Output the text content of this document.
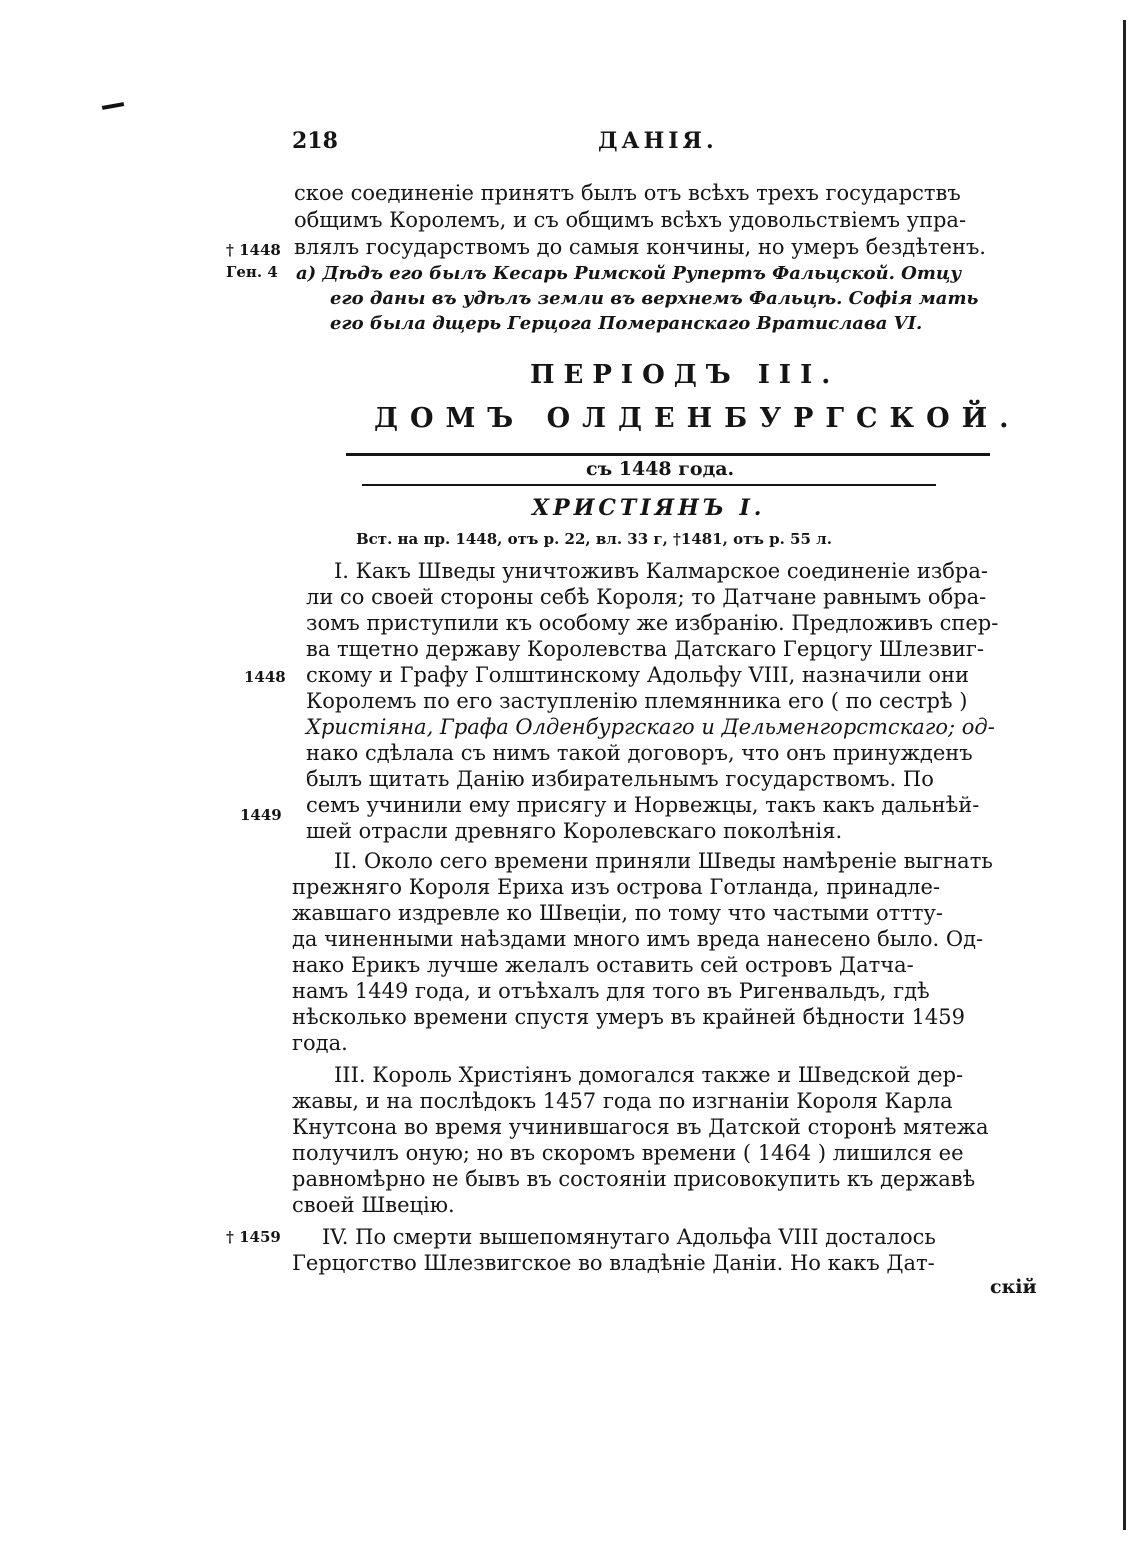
218	ДАНІЯ.
ское соединеніе принятъ былъ отъ всѣхъ трехъ государствъ
общимъ Королемъ, и съ общимъ всѣхъ удовольствіемъ упра-
влялъ государствомъ до самыя кончины, но умеръ бездѣтенъ.
† 1448
Ген. 4 а) Дѣдъ его былъ Кесарь Римской Рупертъ Фальцской. Отцу
его даны въ удѣлъ земли въ верхнемъ Фальцѣ. Софія мать
его была дщерь Герцога Померанскаго Вратислава VI.
ПЕРІОДЪ III.
ДОМЪ ОЛДЕНБУРГСКОЙ.
съ 1448 года.
ХРИСТІЯНЪ I.
Вст. на пр. 1448, отъ р. 22, вл. 33 г, †1481, отъ р. 55 л.
I. Какъ Шведы уничтоживъ Калмарское соединеніе избра-
ли со своей стороны себѣ Короля; то Датчане равнымъ обра-
зомъ приступили къ особому же избранію. Предложивъ спер-
ва тщетно державу Королевства Датскаго Герцогу Шлезвиг-
скому и Графу Голштинскому Адольфу VIII, назначили они
1448
Королемъ по его заступленію племянника его ( по сестрѣ )
Христіяна, Графа Олденбургскаго и Дельменгорстскаго; од-
нако сдѣлала съ нимъ такой договоръ, что онъ принужденъ
былъ щитать Данію избирательнымъ государствомъ. По
семъ учинили ему присягу и Норвежцы, такъ какъ дальнѣй-
1449
шей отрасли древняго Королевскаго поколѣнія.
II. Около сего времени приняли Шведы намѣреніе выгнать
прежняго Короля Ериха изъ острова Готланда, принадле-
жавшаго издревле ко Швеціи, по тому что частыми оттту-
да чиненными наѣздами много имъ вреда нанесено было. Од-
нако Ерикъ лучше желалъ оставить сей островъ Датча-
намъ 1449 года, и отъѣхалъ для того въ Ригенвальдъ, гдѣ
нѣсколько времени спустя умеръ въ крайней бѣдности 1459
года.
III. Король Христіянъ домогался также и Шведской дер-
жавы, и на послѣдокъ 1457 года по изгнаніи Короля Карла
Кнутсона во время учинившагося въ Датской сторонѣ мятежа
получилъ оную; но въ скоромъ времени ( 1464 ) лишился ее
равномѣрно не бывъ въ состояніи присовокупить къ державѣ
своей Швецію.
† 1459 IV. По смерти вышепомянутаго Адольфа VIII досталось
Герцогство Шлезвигское во владѣніе Даніи. Но какъ Дат-
скій
